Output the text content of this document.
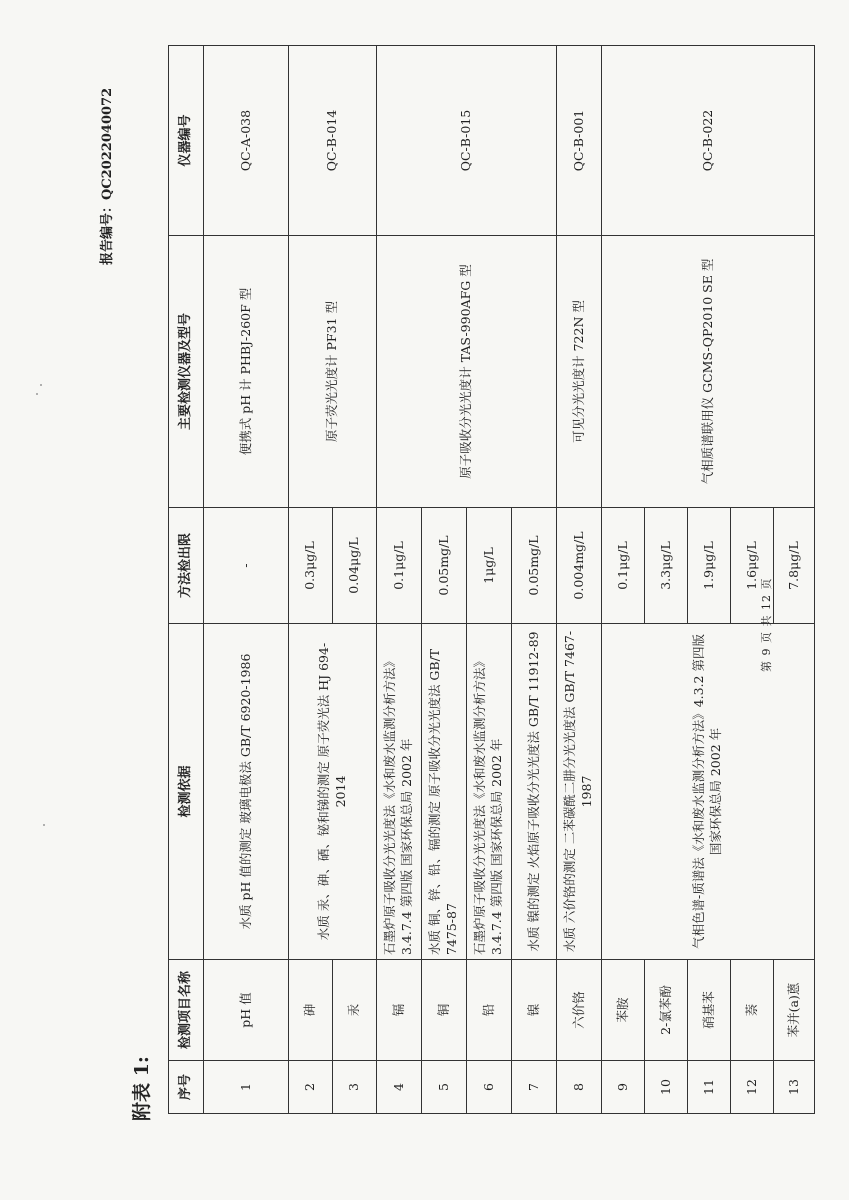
报告编号：QC2022040072
附表 1: 序号	检测项目名称	检测依据	方法检出限	主要检测仪器及型号	仪器编号
1	pH 值	水质 pH 值的测定 玻璃电极法 GB/T 6920-1986	-	便携式 pH 计 PHBJ-260F 型	QC-A-038
2	砷	水质 汞、砷、硒、铋和锑的测定 原子荧光法 HJ 694-2014	0.3μg/L	原子荧光光度计 PF31 型	QC-B-014
3	汞		0.04μg/L		
4	镉	石墨炉原子吸收分光光度法《水和废水监测分析方法》3.4.7.4 第四版 国家环保总局 2002 年	0.1μg/L	原子吸收分光光度计 TAS-990AFG 型	QC-B-015
5	铜	水质 铜、锌、铅、镉的测定 原子吸收分光光度法 GB/T 7475-87	0.05mg/L		
6	铅	石墨炉原子吸收分光光度法《水和废水监测分析方法》3.4.7.4 第四版 国家环保总局 2002 年	1μg/L		
7	镍	水质 镍的测定 火焰原子吸收分光光度法 GB/T 11912-89	0.05mg/L		
8	六价铬	水质 六价铬的测定 二苯碳酰二肼分光光度法 GB/T 7467-1987	0.004mg/L	可见分光光度计 722N 型	QC-B-001
9	苯胺	气相色谱-质谱法《水和废水监测分析方法》4.3.2 第四版 国家环保总局 2002 年	0.1μg/L	气相质谱联用仪 GCMS-QP2010 SE 型	QC-B-022
10	2-氯苯酚		3.3μg/L		
11	硝基苯		1.9μg/L		
12	萘		1.6μg/L		
13	苯并(a)蒽		7.8μg/L		
第 9 页 共 12 页
